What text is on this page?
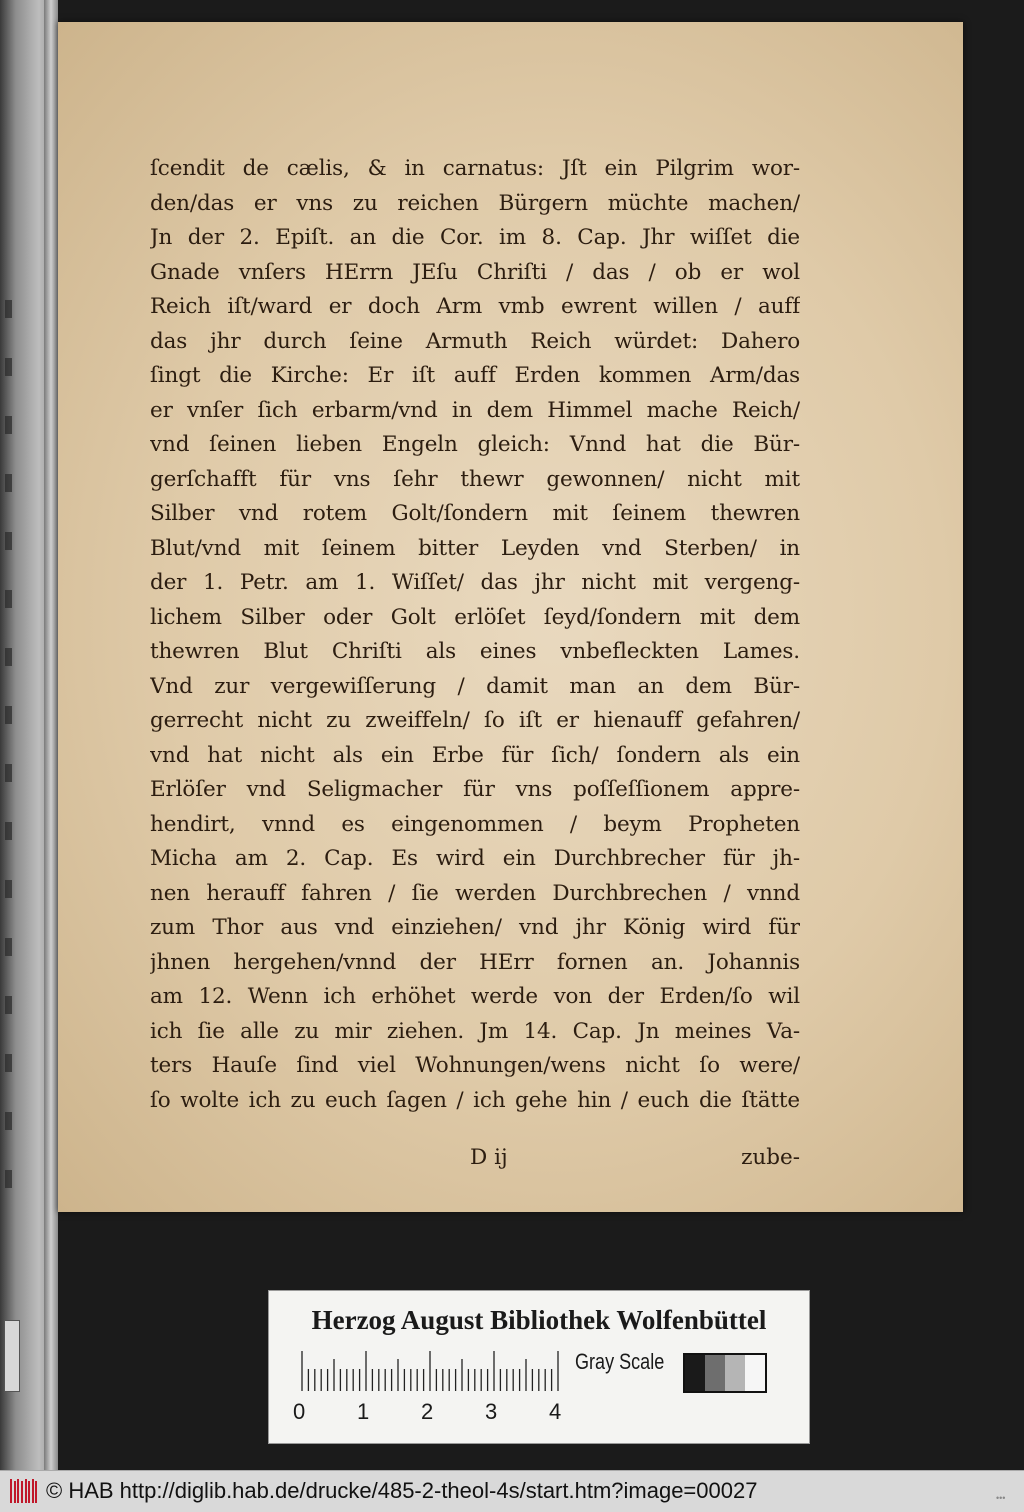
ſcendit de cælis, & in carnatus: Jſt ein Pilgrim wor-
den/das er vns zu reichen Bürgern müchte machen/
Jn der 2. Epiſt. an die Cor. im 8. Cap. Jhr wiſſet die
Gnade vnſers HErrn JEſu Chriſti / das / ob er wol
Reich iſt/ward er doch Arm vmb ewrent willen / auff
das jhr durch ſeine Armuth Reich würdet: Dahero
ſingt die Kirche: Er iſt auff Erden kommen Arm/das
er vnſer ſich erbarm/vnd in dem Himmel mache Reich/
vnd ſeinen lieben Engeln gleich: Vnnd hat die Bür-
gerſchafft für vns ſehr thewr gewonnen/ nicht mit
Silber vnd rotem Golt/ſondern mit ſeinem thewren
Blut/vnd mit ſeinem bitter Leyden vnd Sterben/ in
der 1. Petr. am 1. Wiſſet/ das jhr nicht mit vergeng-
lichem Silber oder Golt erlöſet ſeyd/ſondern mit dem
thewren Blut Chriſti als eines vnbefleckten Lames.
Vnd zur vergewiſſerung / damit man an dem Bür-
gerrecht nicht zu zweiffeln/ ſo iſt er hienauff gefahren/
vnd hat nicht als ein Erbe für ſich/ ſondern als ein
Erlöſer vnd Seligmacher für vns poſſeſſionem appre-
hendirt, vnnd es eingenommen / beym Propheten
Micha am 2. Cap. Es wird ein Durchbrecher für jh-
nen herauff fahren / ſie werden Durchbrechen / vnnd
zum Thor aus vnd einziehen/ vnd jhr König wird für
jhnen hergehen/vnnd der HErr fornen an. Johannis
am 12. Wenn ich erhöhet werde von der Erden/ſo wil
ich ſie alle zu mir ziehen. Jm 14. Cap. Jn meines Va-
ters Hauſe ſind viel Wohnungen/wens nicht ſo were/
ſo wolte ich zu euch ſagen / ich gehe hin / euch die ſtätte
D ij	zube-
Herzog August Bibliothek Wolfenbüttel
0 1 2 3 4
Gray Scale
© HAB http://diglib.hab.de/drucke/485-2-theol-4s/start.htm?image=00027	•••
